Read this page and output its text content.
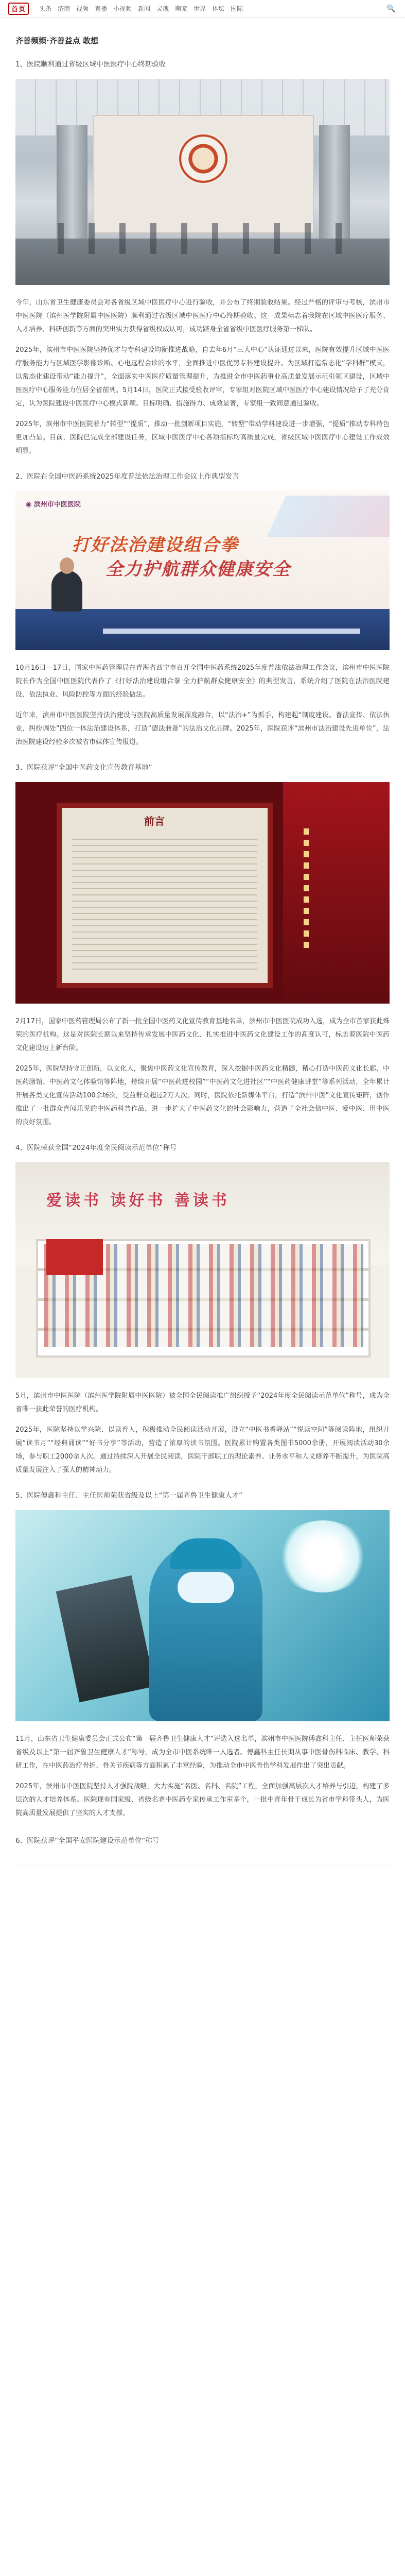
首页	头条 济南 视频 直播 小视频 新闻 灵魂 萌宠 世界 体坛 国际	🔍
齐善频频·齐善益点 敢想
1、医院顺利通过省级区域中医医疗中心终期验收

今年，山东省卫生健康委员会对各省级区域中医医疗中心进行验收，并公布了终期验收结果。经过严格的评审与考核，滨州市中医医院（滨州医学院附属中医医院）顺利通过省级区域中医医疗中心终期验收。这一成果标志着我院在区域中医医疗服务、人才培养、科研创新等方面的突出实力获得省级权威认可，成功跻身全省省级中医医疗服务第一梯队。

2025年，滨州市中医医院坚持优才与专科建设均衡推进战略，自去年6月“三大中心”认证通过以来，医院有效提升区域中医医疗服务能力与区域医学影像诊断、心电远程会诊的水平，全面推进中医优势专科建设提升。为区域打造常态化“学科群”模式，以常态化建设带动“能力提升”，全面落实中医医疗质量管理提升，为推进全市中医药事业高质量发展示范引领区建设，区域中医医疗中心服务能力位居全省前列。5月14日，医院正式接受验收评审，专家组对医院区域中医医疗中心建设情况给予了充分肯定，认为医院建设中医医疗中心模式新颖、目标明确、措施得力、成效显著，专家组一致同意通过验收。

2025年，滨州市中医医院着力“转型”“提质”，推动一批创新项目实施，“转型”带动学科建设进一步增强，“提质”推动专科特色更加凸显。目前，医院已完成全部建设任务，区域中医医疗中心各项指标均高质量完成，省级区域中医医疗中心建设工作成效明显。

2、医院在全国中医药系统2025年度普法依法治理工作会议上作典型发言
◉ 滨州市中医医院
打好法治建设组合拳
全力护航群众健康安全

10月16日—17日，国家中医药管理局在青海省西宁市召开全国中医药系统2025年度普法依法治理工作会议，滨州市中医医院院长作为全国中医医院代表作了《打好法治建设组合拳 全力护航群众健康安全》的典型发言，系统介绍了医院在法治医院建设、依法执业、风险防控等方面的经验做法。

近年来，滨州市中医医院坚持法治建设与医院高质量发展深度融合，以“法治+”为抓手，构建起“制度建设、普法宣传、依法执业、纠纷调处”四位一体法治建设体系，打造“德法兼备”的法治文化品牌。2025年，医院获评“滨州市法治建设先进单位”，法治医院建设经验多次被省市媒体宣传报道。

3、医院获评“全国中医药文化宣传教育基地”
前言

2月17日，国家中医药管理局公布了新一批全国中医药文化宣传教育基地名单，滨州市中医医院成功入选，成为全市首家获此殊荣的医疗机构。这是对医院长期以来坚持传承发展中医药文化、扎实推进中医药文化建设工作的高度认可，标志着医院中医药文化建设迈上新台阶。

2025年，医院坚持守正创新，以文化人，聚焦中医药文化宣传教育，深入挖掘中医药文化精髓，精心打造中医药文化长廊、中医药膳馆、中医药文化体验馆等阵地，持续开展“中医药进校园”“中医药文化进社区”“中医药健康讲堂”等系列活动，全年累计开展各类文化宣传活动100余场次，受益群众超过2万人次。同时，医院依托新媒体平台，打造“滨州中医”文化宣传矩阵，创作推出了一批群众喜闻乐见的中医药科普作品，进一步扩大了中医药文化的社会影响力，营造了全社会信中医、爱中医、用中医的良好氛围。

4、医院荣获全国“2024年度全民阅读示范单位”称号
爱读书 读好书 善读书

5月，滨州市中医医院（滨州医学院附属中医医院）被全国全民阅读推广组织授予“2024年度全民阅读示范单位”称号，成为全省唯一获此荣誉的医疗机构。

2025年，医院坚持以学兴院、以读育人，积极推动全民阅读活动开展，设立“中医书香驿站”“悦读空间”等阅读阵地，组织开展“读书月”“经典诵读”“好书分享”等活动，营造了浓厚的读书氛围。医院累计购置各类图书5000余册，开展阅读活动30余场，参与职工2000余人次。通过持续深入开展全民阅读，医院干部职工的理论素养、业务水平和人文修养不断提升，为医院高质量发展注入了强大的精神动力。

5、医院傅鑫科主任、主任医师荣获省级及以上“第一届齐鲁卫生健康人才”

11月，山东省卫生健康委员会正式公布“第一届齐鲁卫生健康人才”评选入选名单，滨州市中医医院傅鑫科主任、主任医师荣获省级及以上“第一届齐鲁卫生健康人才”称号，成为全市中医系统唯一入选者。傅鑫科主任长期从事中医骨伤科临床、教学、科研工作，在中医药治疗骨折、骨关节疾病等方面积累了丰富经验，为推动全市中医骨伤学科发展作出了突出贡献。

2025年，滨州市中医医院坚持人才强院战略，大力实施“名医、名科、名院”工程，全面加强高层次人才培养与引进，构建了多层次的人才培养体系。医院现有国家级、省级名老中医药专家传承工作室多个，一批中青年骨干成长为省市学科带头人，为医院高质量发展提供了坚实的人才支撑。

6、医院获评“全国平安医院建设示范单位”称号
